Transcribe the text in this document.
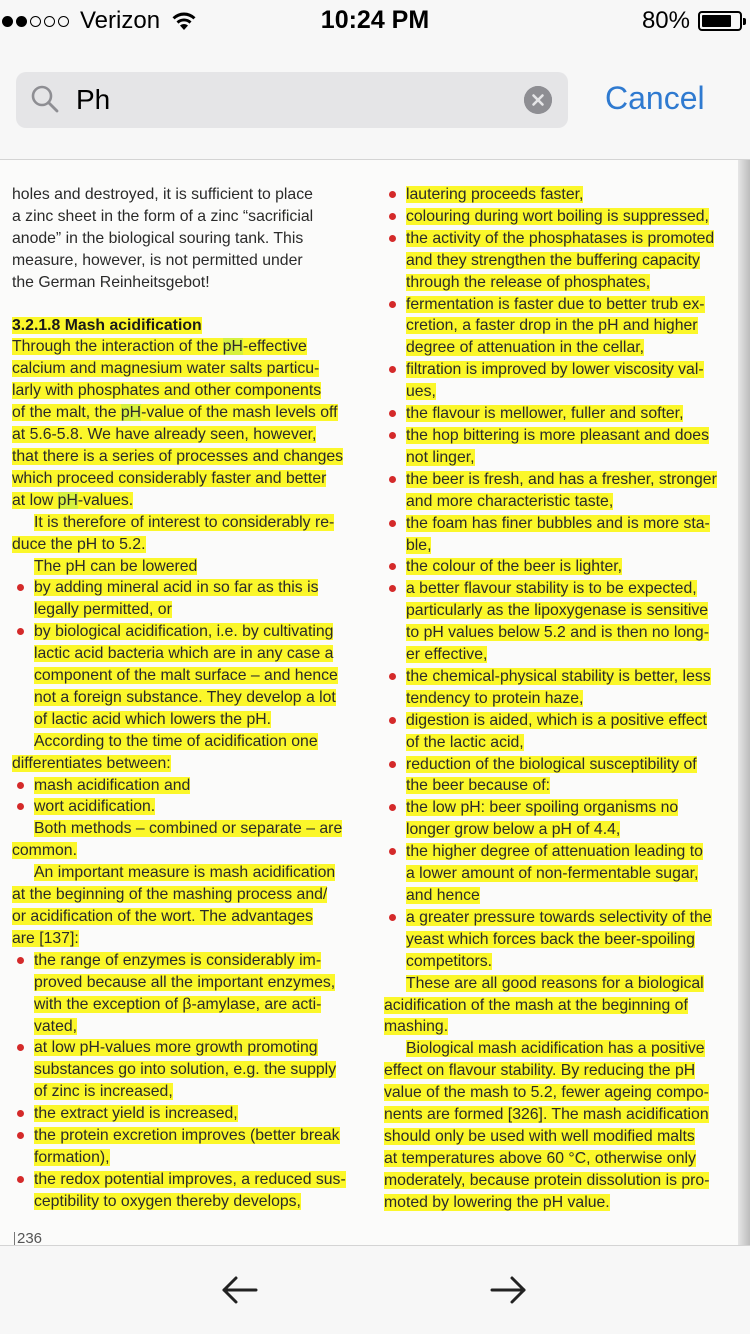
Verizon	10:24 PM	80%
Ph
Cancel
holes and destroyed, it is sufficient to place
a zinc sheet in the form of a zinc “sacrificial
anode” in the biological souring tank. This
measure, however, is not permitted under
the German Reinheitsgebot!
3.2.1.8 Mash acidification
Through the interaction of the pH-effective
calcium and magnesium water salts particu-
larly with phosphates and other components
of the malt, the pH-value of the mash levels off
at 5.6-5.8. We have already seen, however,
that there is a series of processes and changes
which proceed considerably faster and better
at low pH-values.
It is therefore of interest to considerably re-
duce the pH to 5.2.
The pH can be lowered
by adding mineral acid in so far as this is
legally permitted, or
by biological acidification, i.e. by cultivating
lactic acid bacteria which are in any case a
component of the malt surface – and hence
not a foreign substance. They develop a lot
of lactic acid which lowers the pH.
According to the time of acidification one
differentiates between:
mash acidification and
wort acidification.
Both methods – combined or separate – are
common.
An important measure is mash acidification
at the beginning of the mashing process and/
or acidification of the wort. The advantages
are [137]:
the range of enzymes is considerably im-
proved because all the important enzymes,
with the exception of β-amylase, are acti-
vated,
at low pH-values more growth promoting
substances go into solution, e.g. the supply
of zinc is increased,
the extract yield is increased,
the protein excretion improves (better break
formation),
the redox potential improves, a reduced sus-
ceptibility to oxygen thereby develops,
lautering proceeds faster,
colouring during wort boiling is suppressed,
the activity of the phosphatases is promoted
and they strengthen the buffering capacity
through the release of phosphates,
fermentation is faster due to better trub ex-
cretion, a faster drop in the pH and higher
degree of attenuation in the cellar,
filtration is improved by lower viscosity val-
ues,
the flavour is mellower, fuller and softer,
the hop bittering is more pleasant and does
not linger,
the beer is fresh, and has a fresher, stronger
and more characteristic taste,
the foam has finer bubbles and is more sta-
ble,
the colour of the beer is lighter,
a better flavour stability is to be expected,
particularly as the lipoxygenase is sensitive
to pH values below 5.2 and is then no long-
er effective,
the chemical-physical stability is better, less
tendency to protein haze,
digestion is aided, which is a positive effect
of the lactic acid,
reduction of the biological susceptibility of
the beer because of:
the low pH: beer spoiling organisms no
longer grow below a pH of 4.4,
the higher degree of attenuation leading to
a lower amount of non-fermentable sugar,
and hence
a greater pressure towards selectivity of the
yeast which forces back the beer-spoiling
competitors.
These are all good reasons for a biological
acidification of the mash at the beginning of
mashing.
Biological mash acidification has a positive
effect on flavour stability. By reducing the pH
value of the mash to 5.2, fewer ageing compo-
nents are formed [326]. The mash acidification
should only be used with well modified malts
at temperatures above 60 °C, otherwise only
moderately, because protein dissolution is pro-
moted by lowering the pH value.
236
